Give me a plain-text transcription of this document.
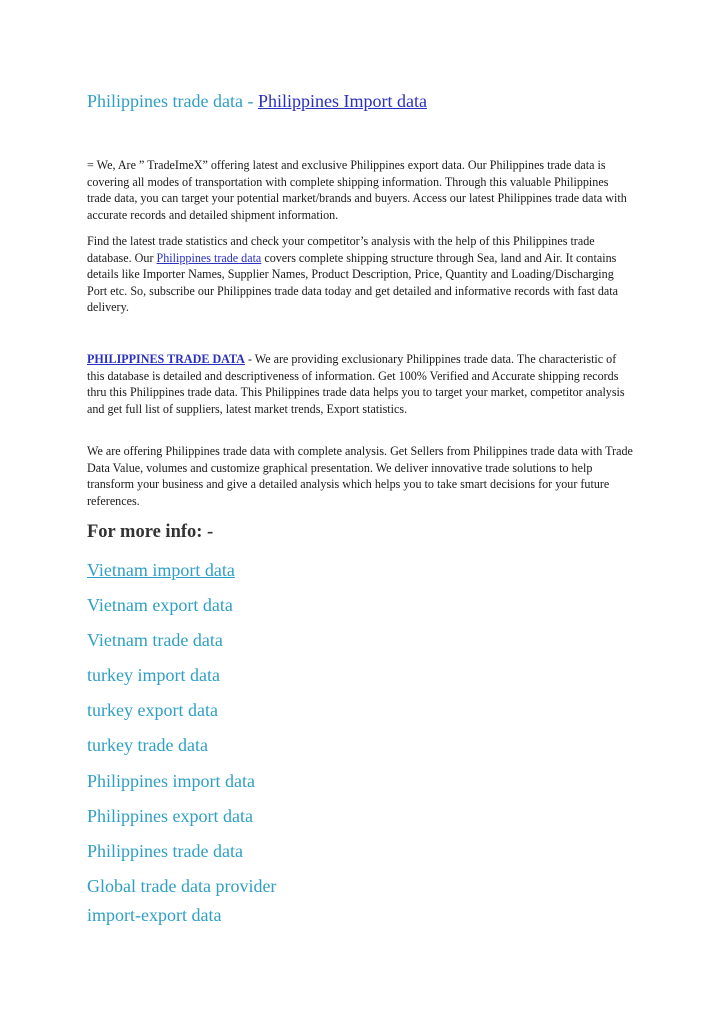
Philippines trade data - Philippines Import data

= We, Are ” TradeImeX” offering latest and exclusive Philippines export data. Our Philippines trade data is covering all modes of transportation with complete shipping information. Through this valuable Philippines trade data, you can target your potential market/brands and buyers. Access our latest Philippines trade data with accurate records and detailed shipment information.

Find the latest trade statistics and check your competitor’s analysis with the help of this Philippines trade database. Our Philippines trade data covers complete shipping structure through Sea, land and Air. It contains details like Importer Names, Supplier Names, Product Description, Price, Quantity and Loading/Discharging Port etc. So, subscribe our Philippines trade data today and get detailed and informative records with fast data delivery.

PHILIPPINES TRADE DATA - We are providing exclusionary Philippines trade data. The characteristic of this database is detailed and descriptiveness of information. Get 100% Verified and Accurate shipping records thru this Philippines trade data. This Philippines trade data helps you to target your market, competitor analysis and get full list of suppliers, latest market trends, Export statistics.

We are offering Philippines trade data with complete analysis. Get Sellers from Philippines trade data with Trade Data Value, volumes and customize graphical presentation. We deliver innovative trade solutions to help transform your business and give a detailed analysis which helps you to take smart decisions for your future references.

For more info: -
Vietnam import data
Vietnam export data
Vietnam trade data
turkey import data
turkey export data
turkey trade data
Philippines import data
Philippines export data
Philippines trade data
Global trade data provider
import-export data
